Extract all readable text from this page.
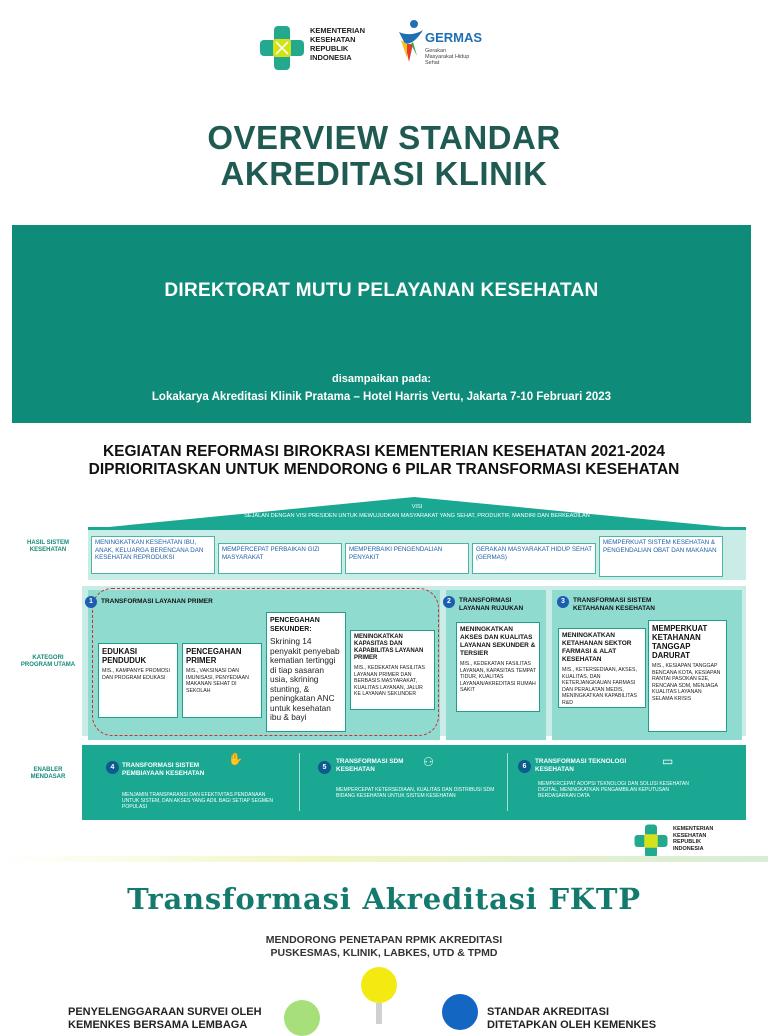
KEMENTERIAN
KESEHATAN
REPUBLIK
INDONESIA
GERMAS
Gerakan Masyarakat Hidup Sehat
OVERVIEW STANDAR
AKREDITASI KLINIK
DIREKTORAT MUTU PELAYANAN KESEHATAN
disampaikan pada:
Lokakarya Akreditasi Klinik Pratama – Hotel Harris Vertu, Jakarta 7-10 Februari 2023
KEGIATAN REFORMASI BIROKRASI KEMENTERIAN KESEHATAN 2021-2024
DIPRIORITASKAN UNTUK MENDORONG 6 PILAR TRANSFORMASI KESEHATAN
VISI
SEJALAN DENGAN VISI PRESIDEN UNTUK MEWUJUDKAN MASYARAKAT YANG SEHAT, PRODUKTIF, MANDIRI DAN BERKEADILAN
HASIL SISTEM KESEHATAN
KATEGORI PROGRAM UTAMA
ENABLER MENDASAR
MENINGKATKAN KESEHATAN IBU, ANAK, KELUARGA BERENCANA DAN KESEHATAN REPRODUKSI
MEMPERCEPAT PERBAIKAN GIZI MASYARAKAT
MEMPERBAIKI PENGENDALIAN PENYAKIT
GERAKAN MASYARAKAT HIDUP SEHAT (GERMAS)
MEMPERKUAT SISTEM KESEHATAN & PENGENDALIAN OBAT DAN MAKANAN
1	TRANSFORMASI LAYANAN PRIMER
EDUKASI PENDUDUK
MIS., KAMPANYE PROMOSI DAN PROGRAM EDUKASI
PENCEGAHAN PRIMER
MIS., VAKSINASI DAN IMUNISASI, PENYEDIAAN MAKANAN SEHAT DI SEKOLAH
PENCEGAHAN SEKUNDER:
Skrining 14 penyakit penyebab kematian tertinggi di tiap sasaran usia, skrining stunting, & peningkatan ANC untuk kesehatan ibu & bayi
MENINGKATKAN KAPASITAS DAN KAPABILITAS LAYANAN PRIMER
MIS., KEDEKATAN FASILITAS LAYANAN PRIMER DAN BERBASIS MASYARAKAT, KUALITAS LAYANAN, JALUR KE LAYANAN SEKUNDER
2	TRANSFORMASI LAYANAN RUJUKAN
MENINGKATKAN AKSES DAN KUALITAS LAYANAN SEKUNDER & TERSIER
MIS., KEDEKATAN FASILITAS LAYANAN, KAPASITAS TEMPAT TIDUR, KUALITAS LAYANAN/AKREDITASI RUMAH SAKIT
3	TRANSFORMASI SISTEM KETAHANAN KESEHATAN
MENINGKATKAN KETAHANAN SEKTOR FARMASI & ALAT KESEHATAN
MIS., KETERSEDIAAN, AKSES, KUALITAS, DAN KETERJANGKAUAN FARMASI DAN PERALATAN MEDIS, MENINGKATKAN KAPABILITAS R&D
MEMPERKUAT KETAHANAN TANGGAP DARURAT
MIS., KESIAPAN TANGGAP BENCANA KOTA, KESIAPAN RANTAI PASOKAN E2E, RENCANA SDM, MENJAGA KUALITAS LAYANAN SELAMA KRISIS
4	TRANSFORMASI SISTEM PEMBIAYAAN KESEHATAN
✋
MENJAMIN TRANSPARANSI DAN EFEKTIVITAS PENDANAAN UNTUK SISTEM, DAN AKSES YANG ADIL BAGI SETIAP SEGMEN POPULASI
5
TRANSFORMASI SDM KESEHATAN
⚇
MEMPERCEPAT KETERSEDIAAN, KUALITAS DAN DISTRIBUSI SDM BIDANG KESEHATAN UNTUK SISTEM KESEHATAN
6
TRANSFORMASI TEKNOLOGI KESEHATAN
▭
MEMPERCEPAT ADOPSI TEKNOLOGI DAN SOLUSI KESEHATAN DIGITAL, MENINGKATKAN PENGAMBILAN KEPUTUSAN BERDASARKAN DATA
KEMENTERIAN
KESEHATAN
REPUBLIK
INDONESIA
Transformasi Akreditasi FKTP
MENDORONG PENETAPAN RPMK AKREDITASI
PUSKESMAS, KLINIK, LABKES, UTD & TPMD
PENYELENGGARAAN SURVEI OLEH
KEMENKES BERSAMA LEMBAGA
STANDAR AKREDITASI
DITETAPKAN OLEH KEMENKES
